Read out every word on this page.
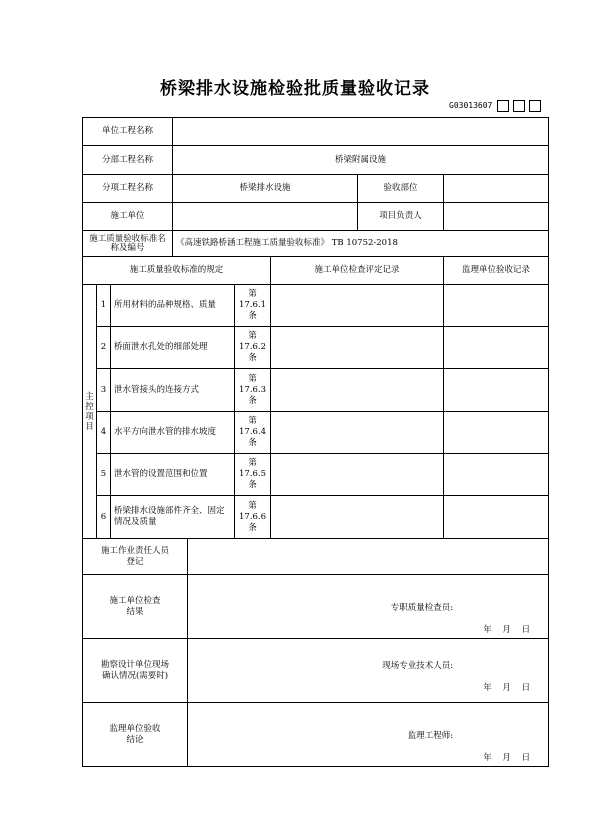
桥梁排水设施检验批质量验收记录
G03013607
单位工程名称								
分部工程名称			桥梁附属设施					
分项工程名称			桥梁排水设施				验收部位	
施工单位							项目负责人	
施工质量验收标准名称及编号			《高速铁路桥涵工程施工质量验收标准》 TB 10752-2018					
施工质量验收标准的规定						施工单位检查评定记录		监理单位验收记录
主控项目	1	所用材料的品种规格、质量			第17.6.1条			
	2	桥面泄水孔处的细部处理			第17.6.2条			
	3	泄水管接头的连接方式			第17.6.3条			
	4	水平方向泄水管的排水坡度			第17.6.4条			
	5	泄水管的设置范围和位置			第17.6.5条			
	6	桥梁排水设施部件齐全、固定情况及质量			第17.6.6条			
施工作业责任人员登记								
施工单位检查结果				专职质量检查员:
年 月 日				

勘察设计单位现场确认情况(需要时)				现场专业技术人员:
年 月 日				

监理单位验收结论				监理工程师:
年 月 日				
